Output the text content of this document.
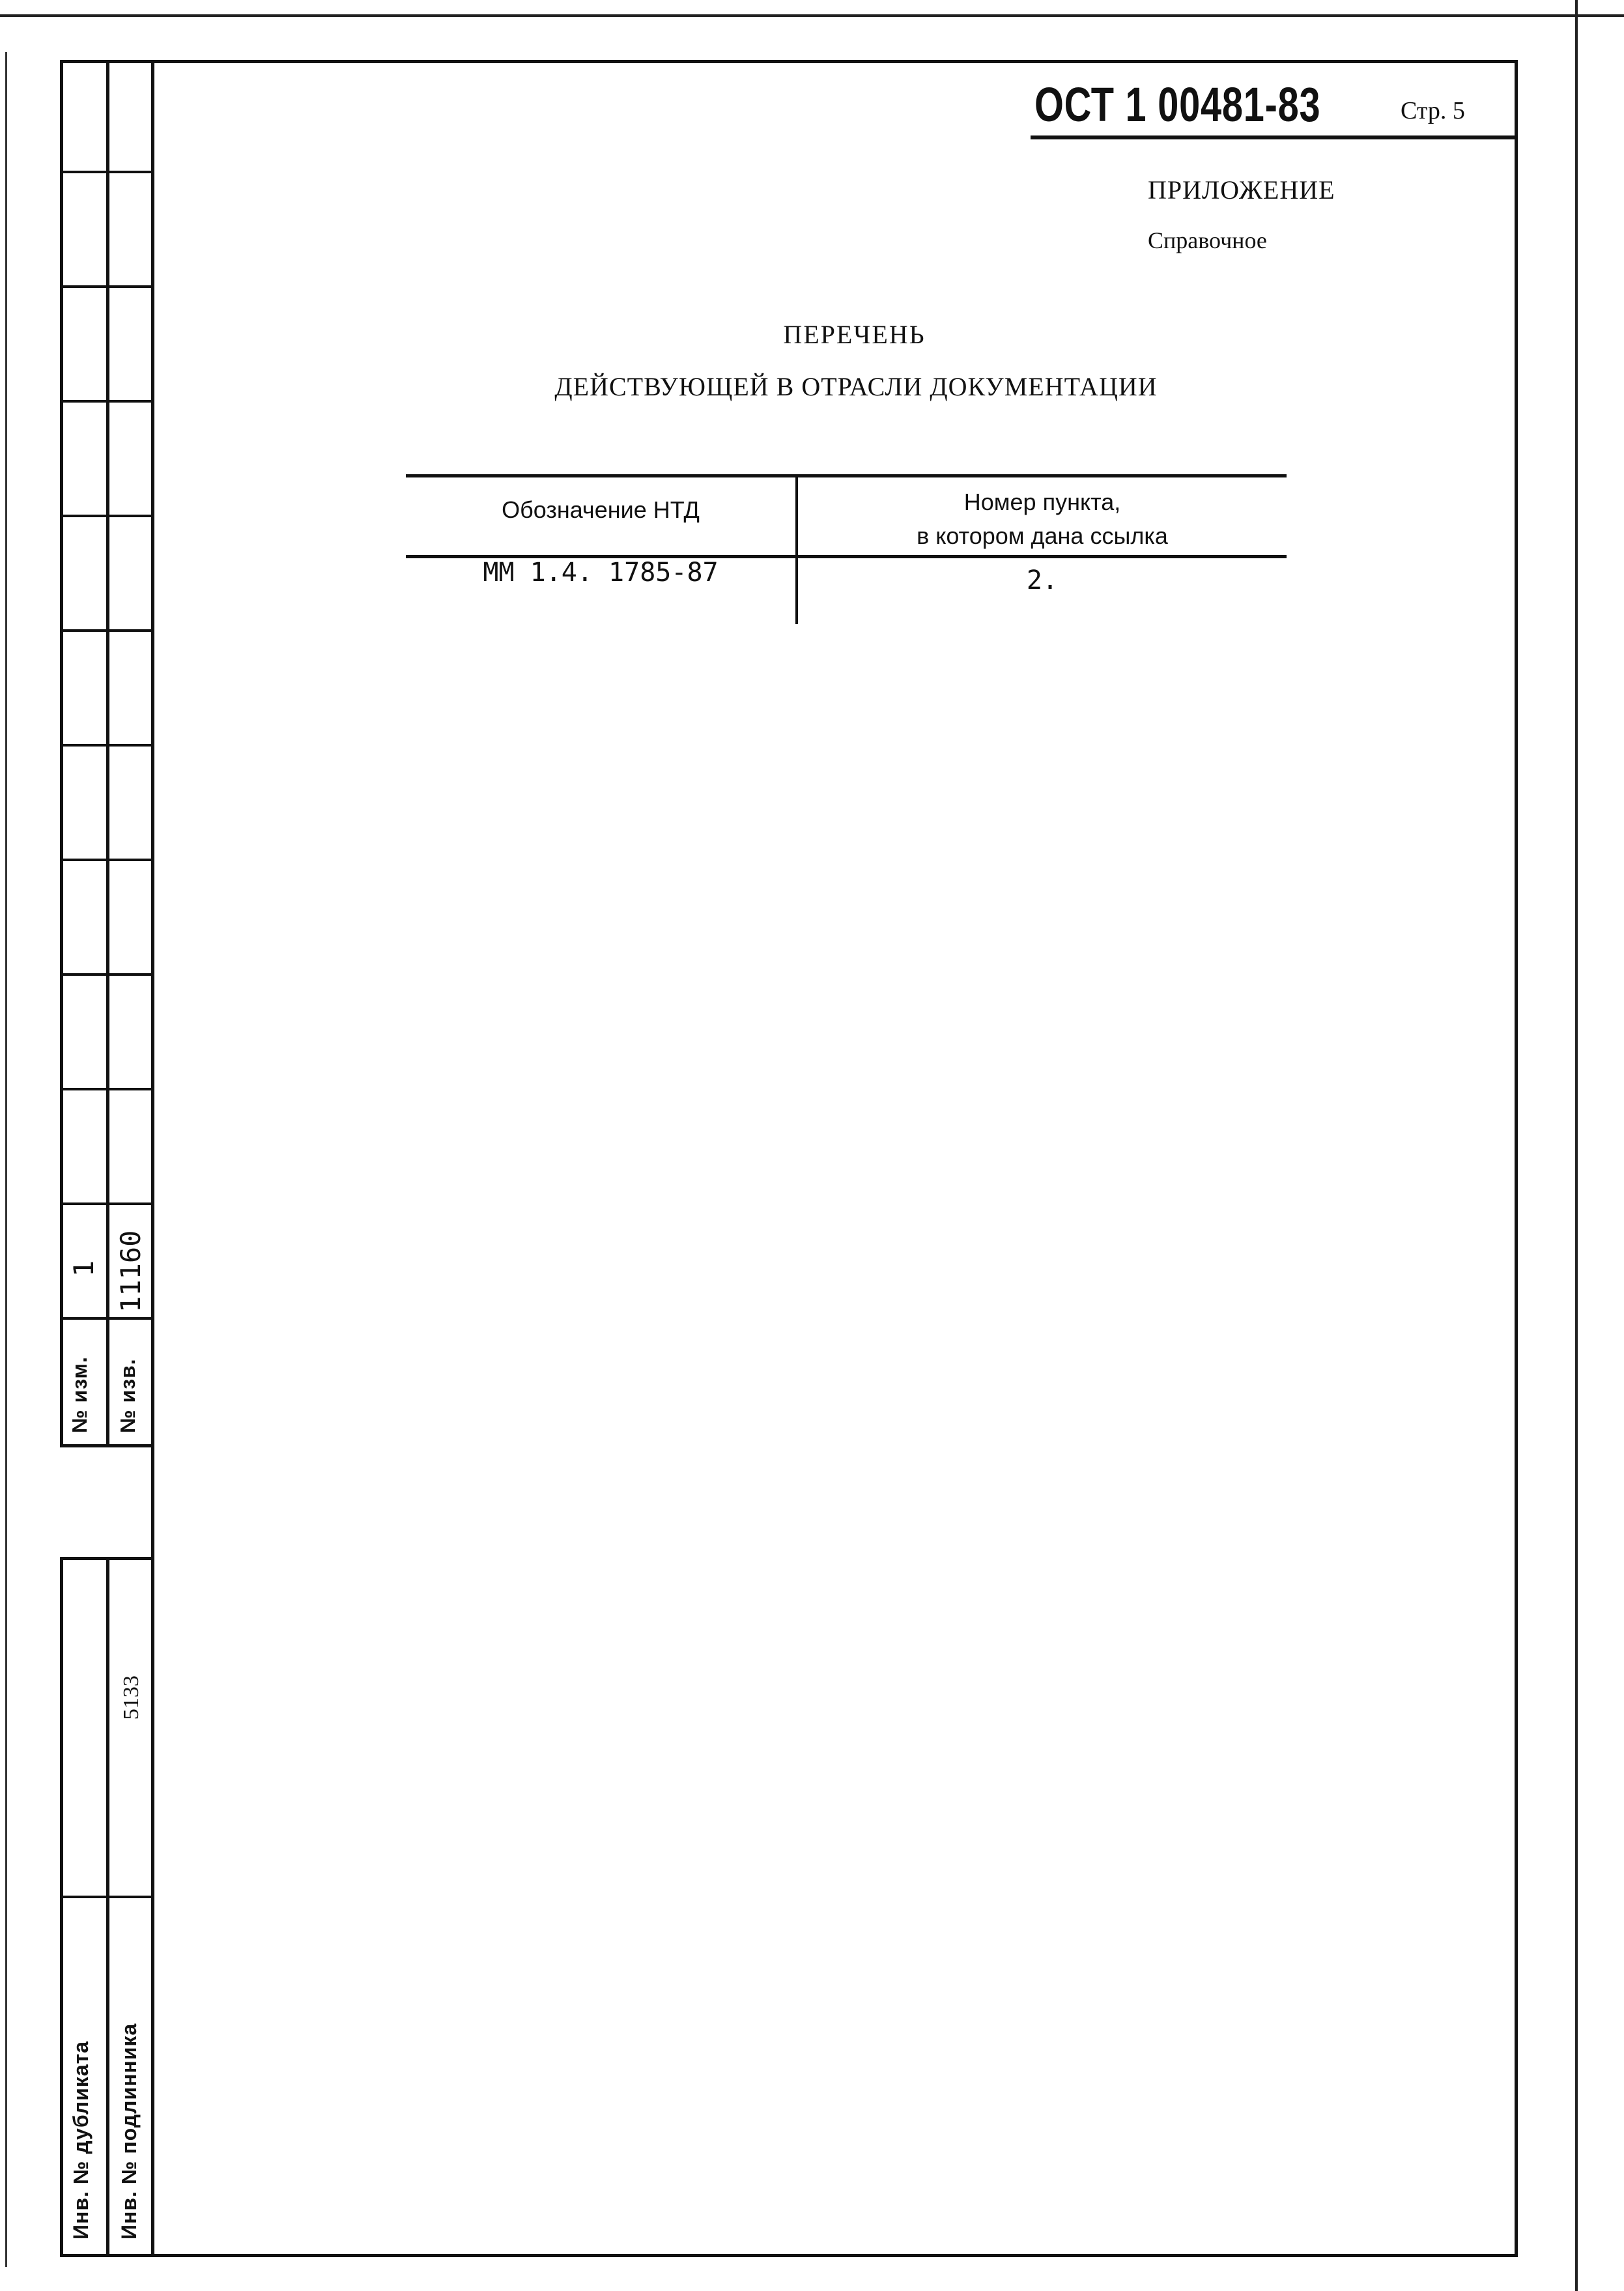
№ изм.
1
№ изв.
11160
Инв. № дубликата Инв. № подлинника
5133
ОСТ 1 00481-83	Стр. 5
ПРИЛОЖЕНИЕ
Справочное
ПЕРЕЧЕНЬ
ДЕЙСТВУЮЩЕЙ В ОТРАСЛИ ДОКУМЕНТАЦИИ
Обозначение НТД	Номер пункта,
в котором дана ссылка
ММ 1.4. 1785-87	2.
